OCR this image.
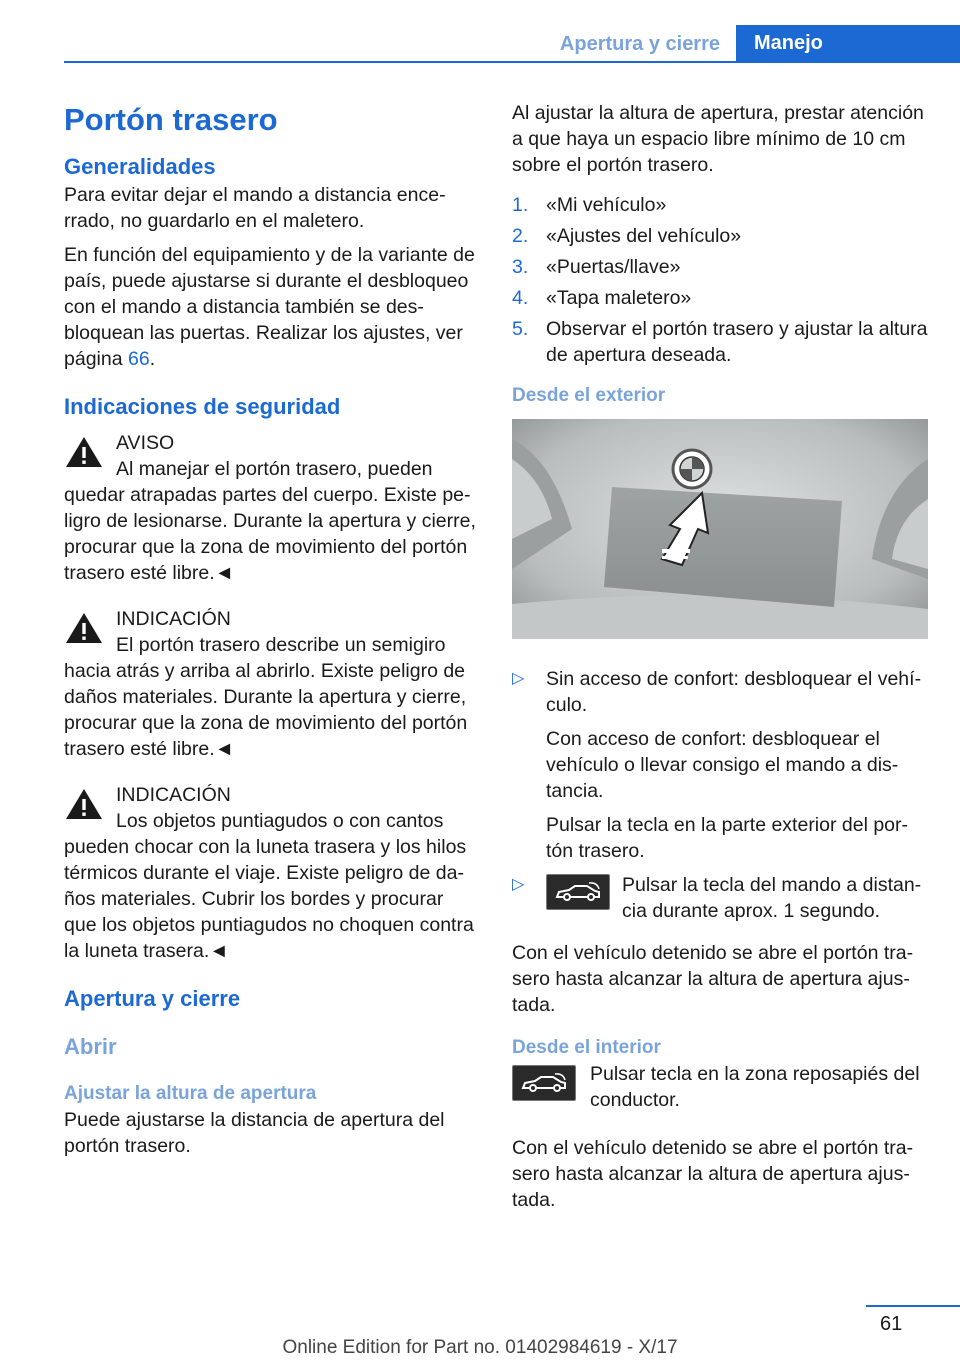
Apertura y cierre	Manejo
Portón trasero
Generalidades

Para evitar dejar el mando a distancia encerrado, no guardarlo en el maletero.

En función del equipamiento y de la variante de país, puede ajustarse si durante el desbloqueo con el mando a distancia también se desbloquean las puertas. Realizar los ajustes, ver página 66.

Indicaciones de seguridad

AVISO

Al manejar el portón trasero, pueden quedar atrapadas partes del cuerpo. Existe peligro de lesionarse. Durante la apertura y cierre, procurar que la zona de movimiento del portón trasero esté libre.◄

INDICACIÓN

El portón trasero describe un semigiro hacia atrás y arriba al abrirlo. Existe peligro de daños materiales. Durante la apertura y cierre, procurar que la zona de movimiento del portón trasero esté libre.◄

INDICACIÓN

Los objetos puntiagudos o con cantos pueden chocar con la luneta trasera y los hilos térmicos durante el viaje. Existe peligro de daños materiales. Cubrir los bordes y procurar que los objetos puntiagudos no choquen contra la luneta trasera.◄

Apertura y cierre
Abrir
Ajustar la altura de apertura

Puede ajustarse la distancia de apertura del portón trasero.

Al ajustar la altura de apertura, prestar atención a que haya un espacio libre mínimo de 10 cm sobre el portón trasero.

1. «Mi vehículo»
2. «Ajustes del vehículo»
3. «Puertas/llave»
4. «Tapa maletero»
5. Observar el portón trasero y ajustar la altura de apertura deseada.
Desde el exterior
▷ Sin acceso de confort: desbloquear el vehículo.

Con acceso de confort: desbloquear el vehículo o llevar consigo el mando a distancia.

Pulsar la tecla en la parte exterior del portón trasero.

▷	Pulsar la tecla del mando a distancia durante aprox. 1 segundo.

Con el vehículo detenido se abre el portón trasero hasta alcanzar la altura de apertura ajustada.

Desde el interior

Pulsar tecla en la zona reposapiés del conductor.

Con el vehículo detenido se abre el portón trasero hasta alcanzar la altura de apertura ajustada.

61
Online Edition for Part no. 01402984619 - X/17
